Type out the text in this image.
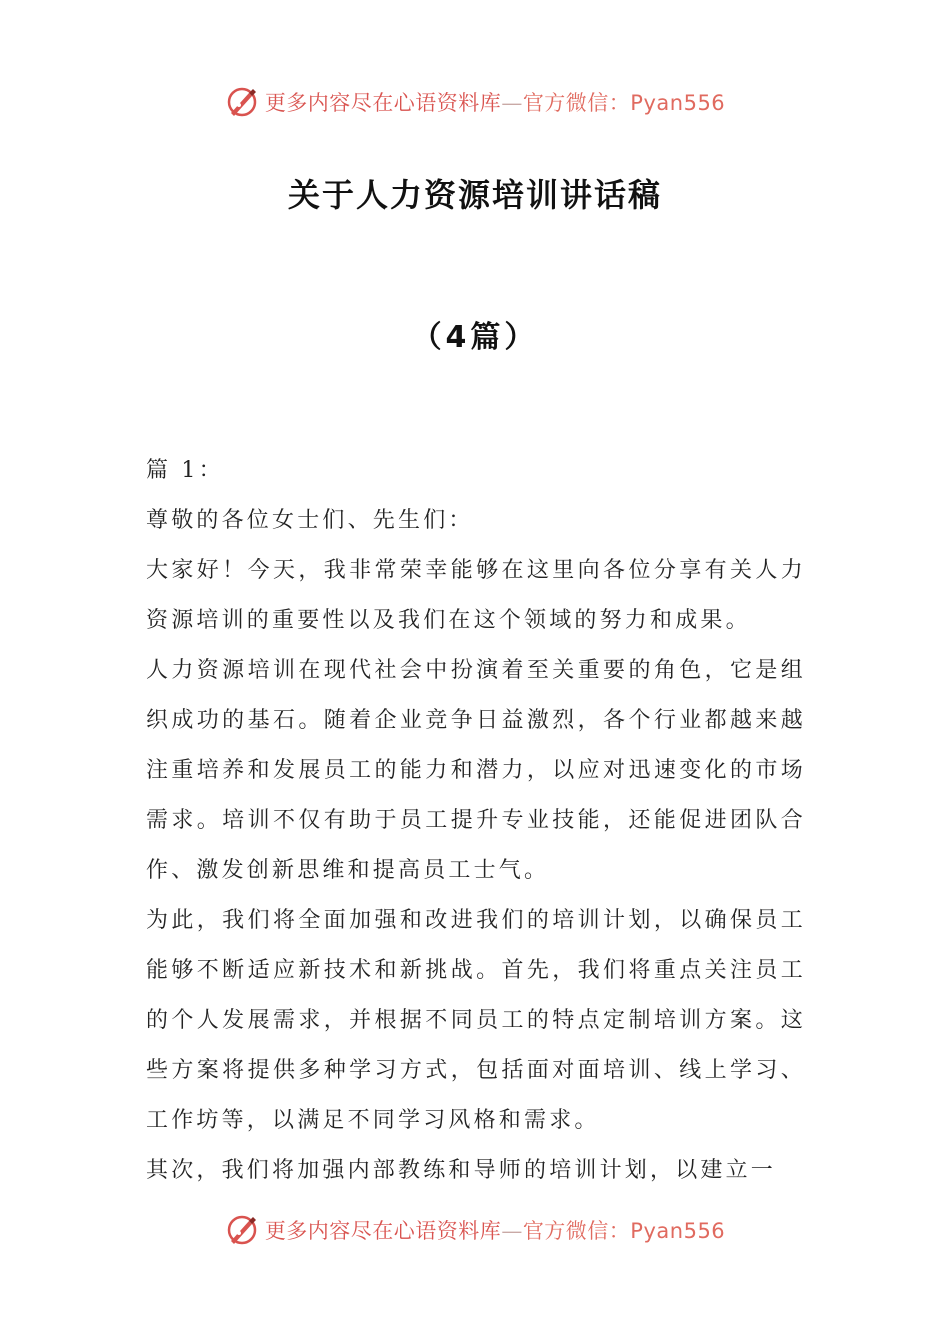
更多内容尽在心语资料库—官方微信：Pyan556
关于人力资源培训讲话稿
（4篇）

篇 1：

尊敬的各位女士们、先生们：

大家好！今天，我非常荣幸能够在这里向各位分享有关人力资源培训的重要性以及我们在这个领域的努力和成果。

人力资源培训在现代社会中扮演着至关重要的角色，它是组织成功的基石。随着企业竞争日益激烈，各个行业都越来越注重培养和发展员工的能力和潜力，以应对迅速变化的市场需求。培训不仅有助于员工提升专业技能，还能促进团队合作、激发创新思维和提高员工士气。

为此，我们将全面加强和改进我们的培训计划，以确保员工能够不断适应新技术和新挑战。首先，我们将重点关注员工的个人发展需求，并根据不同员工的特点定制培训方案。这些方案将提供多种学习方式，包括面对面培训、线上学习、工作坊等，以满足不同学习风格和需求。

其次，我们将加强内部教练和导师的培训计划，以建立一

更多内容尽在心语资料库—官方微信：Pyan556
